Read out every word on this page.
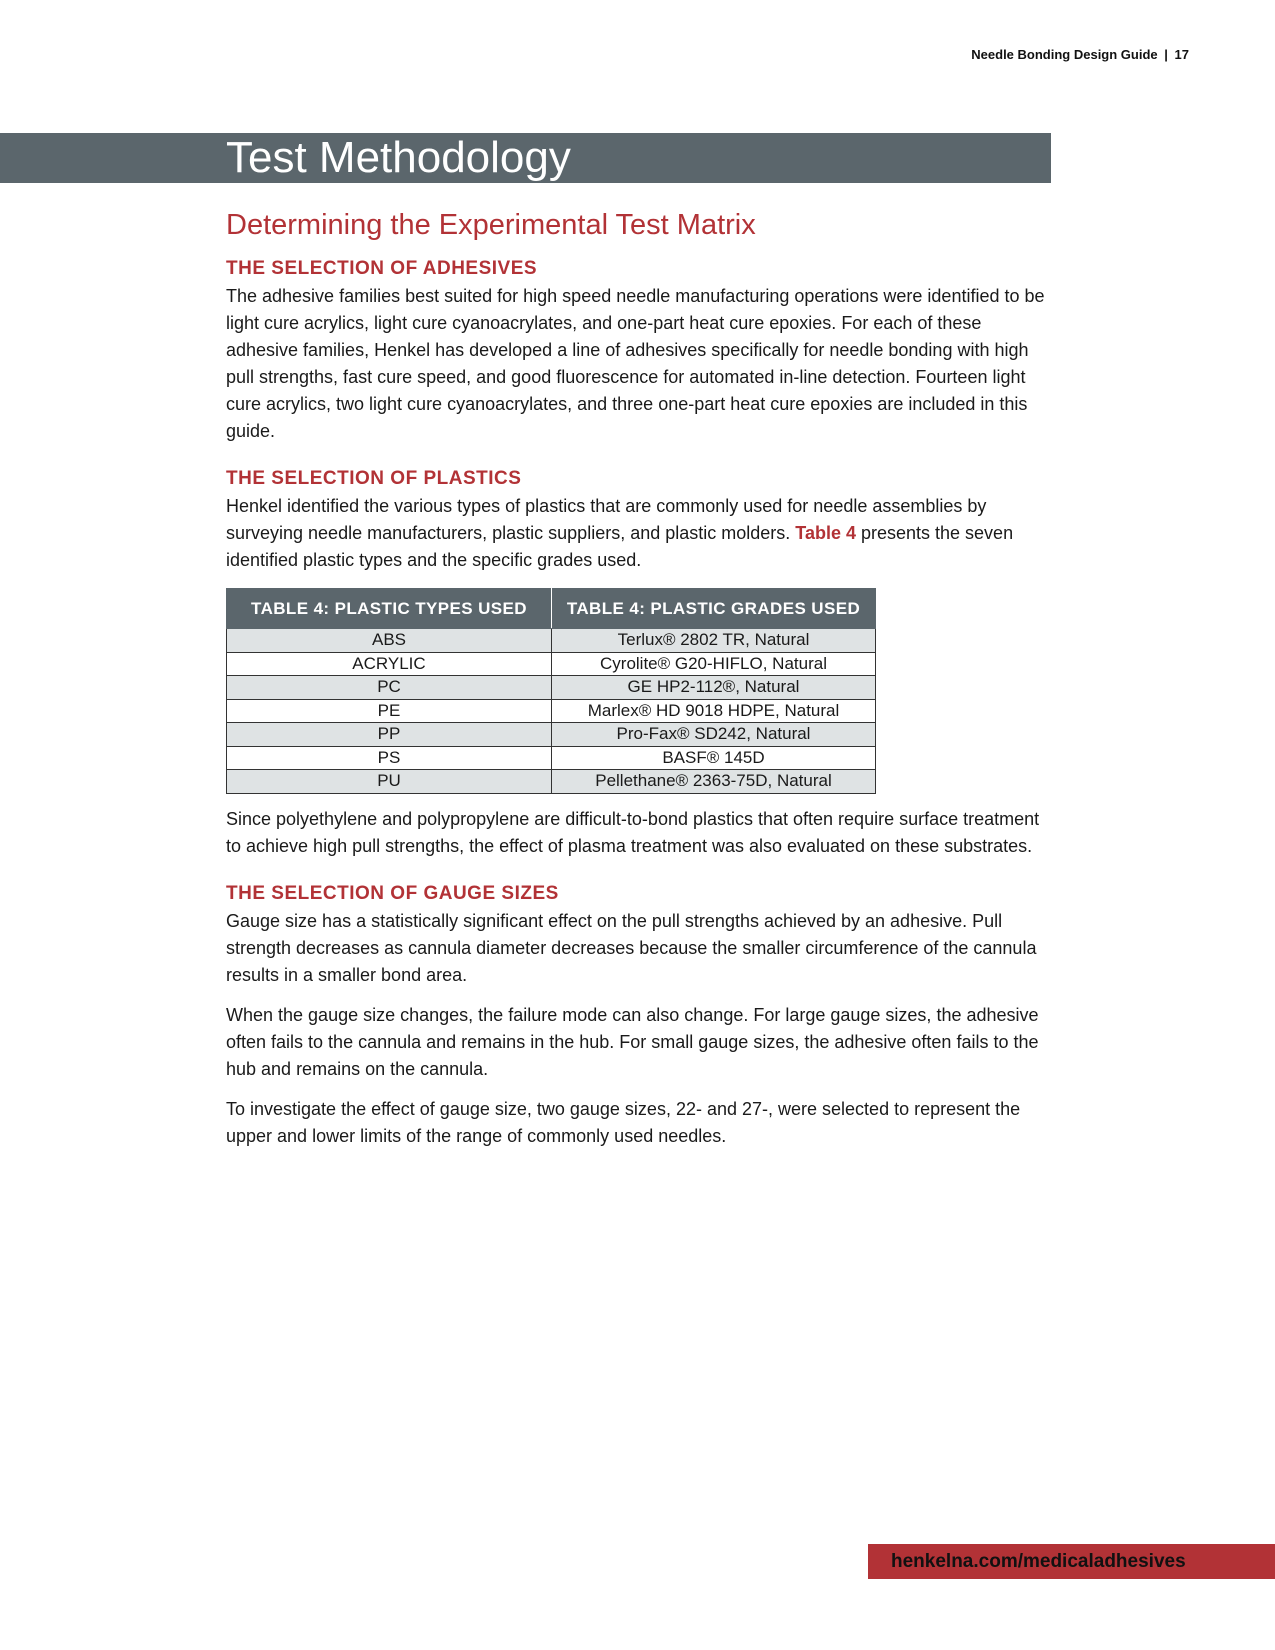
Needle Bonding Design Guide | 17
Test Methodology
Determining the Experimental Test Matrix
THE SELECTION OF ADHESIVES

The adhesive families best suited for high speed needle manufacturing operations were identified to be light cure acrylics, light cure cyanoacrylates, and one-part heat cure epoxies. For each of these adhesive families, Henkel has developed a line of adhesives specifically for needle bonding with high pull strengths, fast cure speed, and good fluorescence for automated in-line detection. Fourteen light cure acrylics, two light cure cyanoacrylates, and three one-part heat cure epoxies are included in this guide.

THE SELECTION OF PLASTICS

Henkel identified the various types of plastics that are commonly used for needle assemblies by surveying needle manufacturers, plastic suppliers, and plastic molders. Table 4 presents the seven identified plastic types and the specific grades used.

TABLE 4: PLASTIC TYPES USED	TABLE 4: PLASTIC GRADES USED
ABS	Terlux® 2802 TR, Natural
ACRYLIC	Cyrolite® G20-HIFLO, Natural
PC	GE HP2-112®, Natural
PE	Marlex® HD 9018 HDPE, Natural
PP	Pro-Fax® SD242, Natural
PS	BASF® 145D
PU	Pellethane® 2363-75D, Natural

Since polyethylene and polypropylene are difficult-to-bond plastics that often require surface treatment to achieve high pull strengths, the effect of plasma treatment was also evaluated on these substrates.

THE SELECTION OF GAUGE SIZES

Gauge size has a statistically significant effect on the pull strengths achieved by an adhesive. Pull strength decreases as cannula diameter decreases because the smaller circumference of the cannula results in a smaller bond area.

When the gauge size changes, the failure mode can also change. For large gauge sizes, the adhesive often fails to the cannula and remains in the hub. For small gauge sizes, the adhesive often fails to the hub and remains on the cannula.

To investigate the effect of gauge size, two gauge sizes, 22- and 27-, were selected to represent the upper and lower limits of the range of commonly used needles.

henkelna.com/medicaladhesives
